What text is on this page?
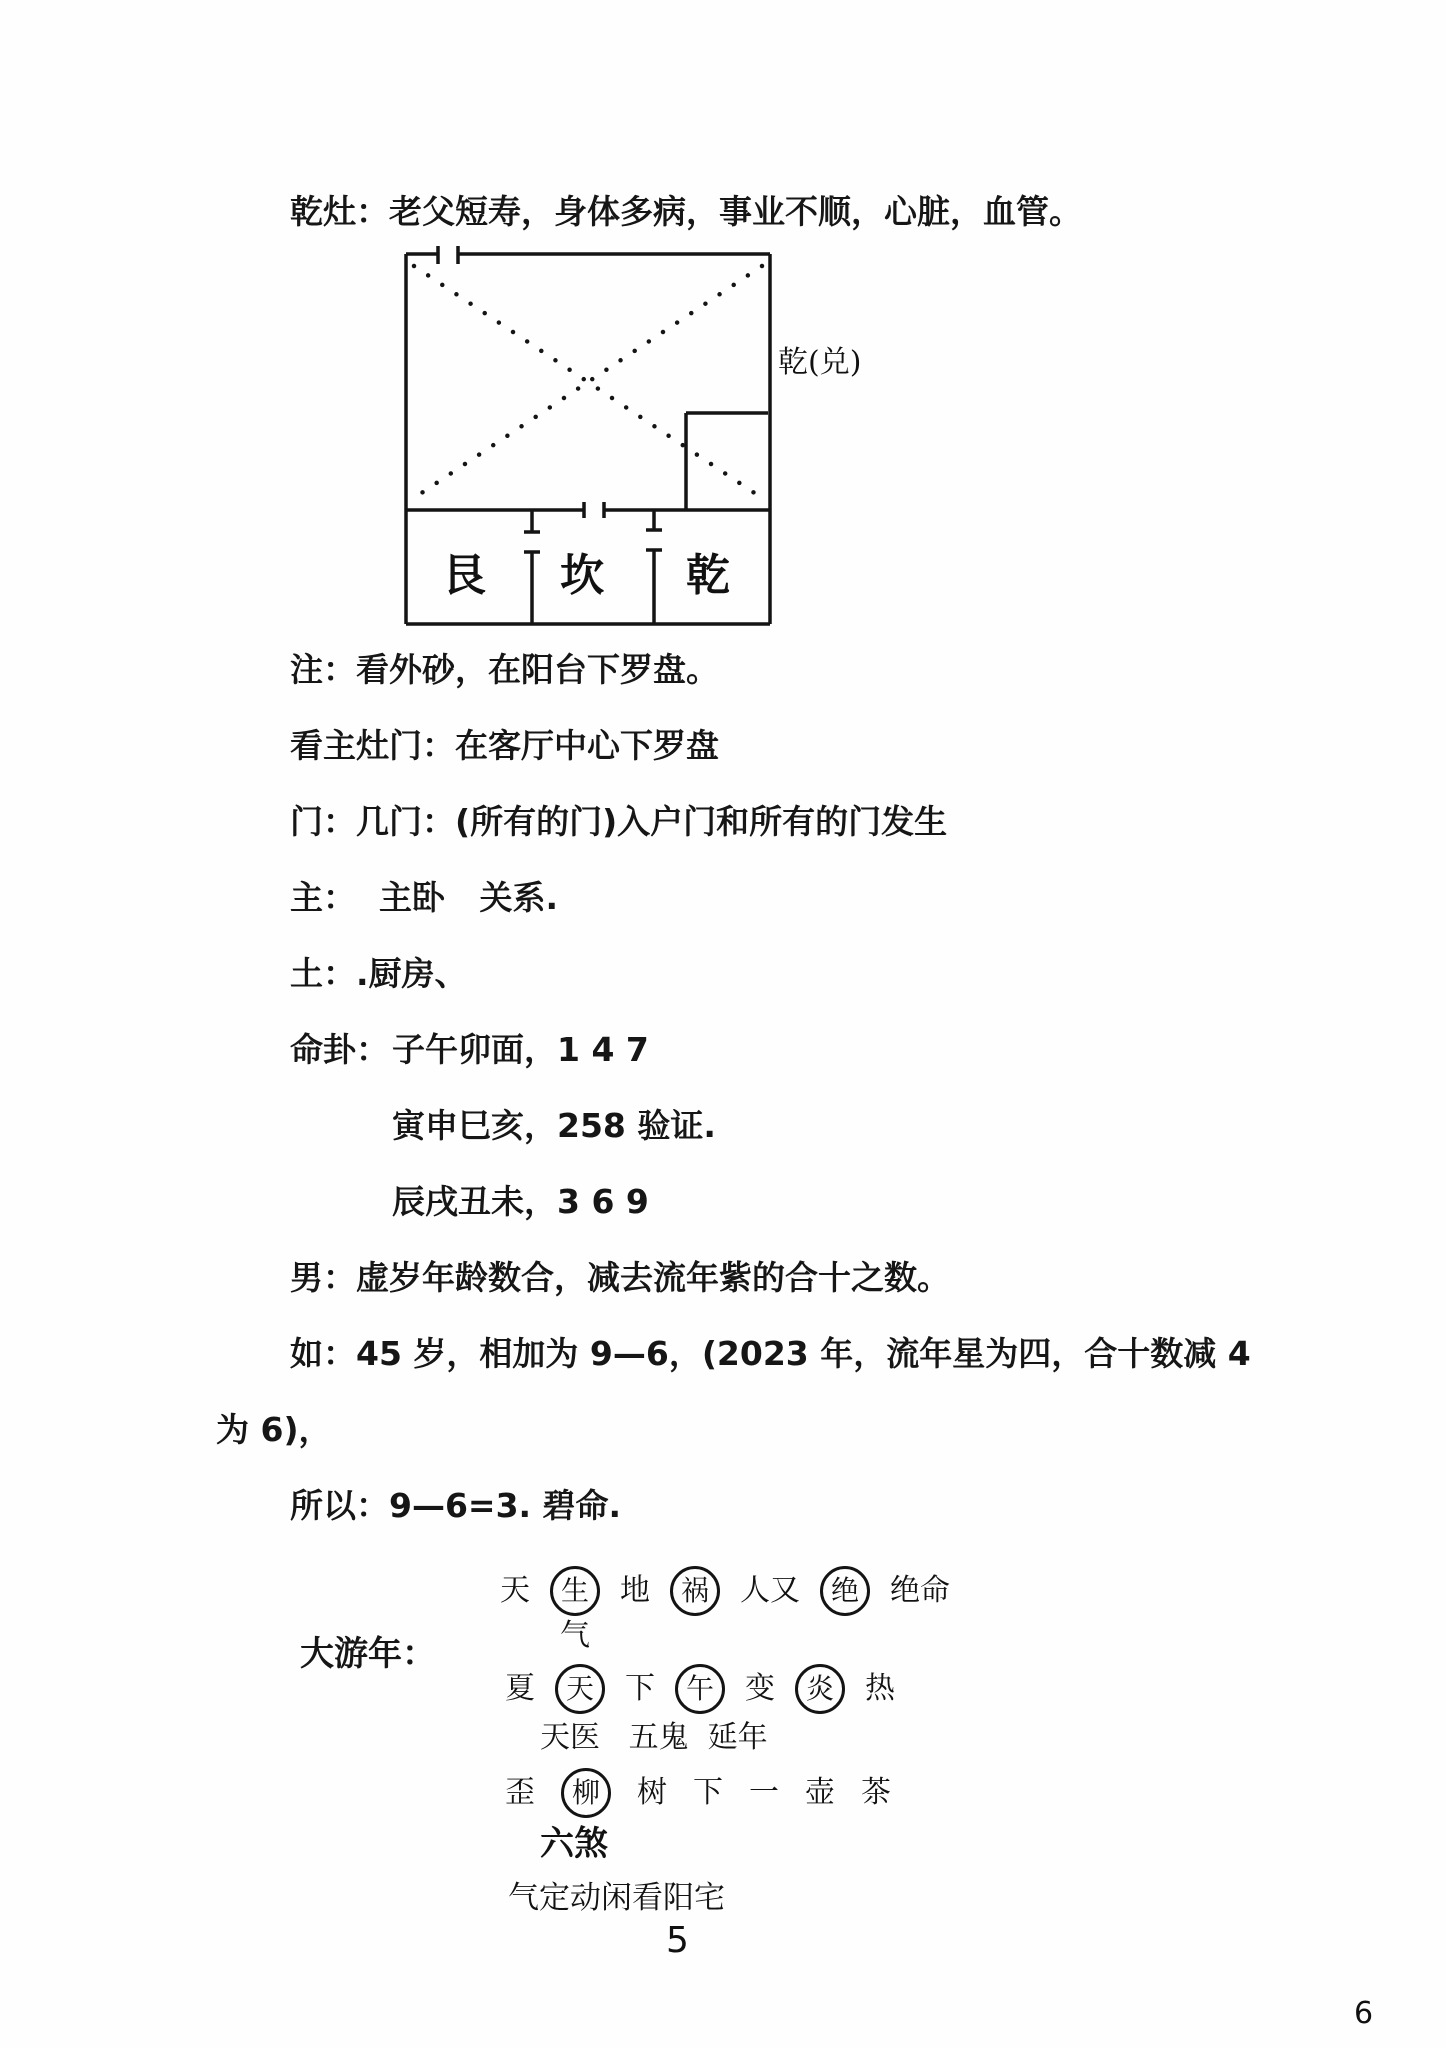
乾灶：老父短寿，身体多病，事业不顺，心脏，血管。
艮 坎 乾
乾(兑)
注：看外砂，在阳台下罗盘。
看主灶门：在客厅中心下罗盘
门：几门：(所有的门)入户门和所有的门发生
主：  主卧   关系.
土：.厨房、
命卦： 子午卯面，1 4 7
寅申巳亥，258 验证.
辰戌丑未，3 6 9
男：虚岁年龄数合，减去流年紫的合十之数。
如：45 岁，相加为 9—6，(2023 年，流年星为四，合十数减 4
为 6)，
所以：9—6=3. 碧命.
大游年：
天	生	地	祸	人又	绝	绝命
气
夏	天	下	午	变	炎	热
天医   五鬼  延年
歪	柳	树 下 一 壶 茶
六煞
气定动闲看阳宅
5
6
